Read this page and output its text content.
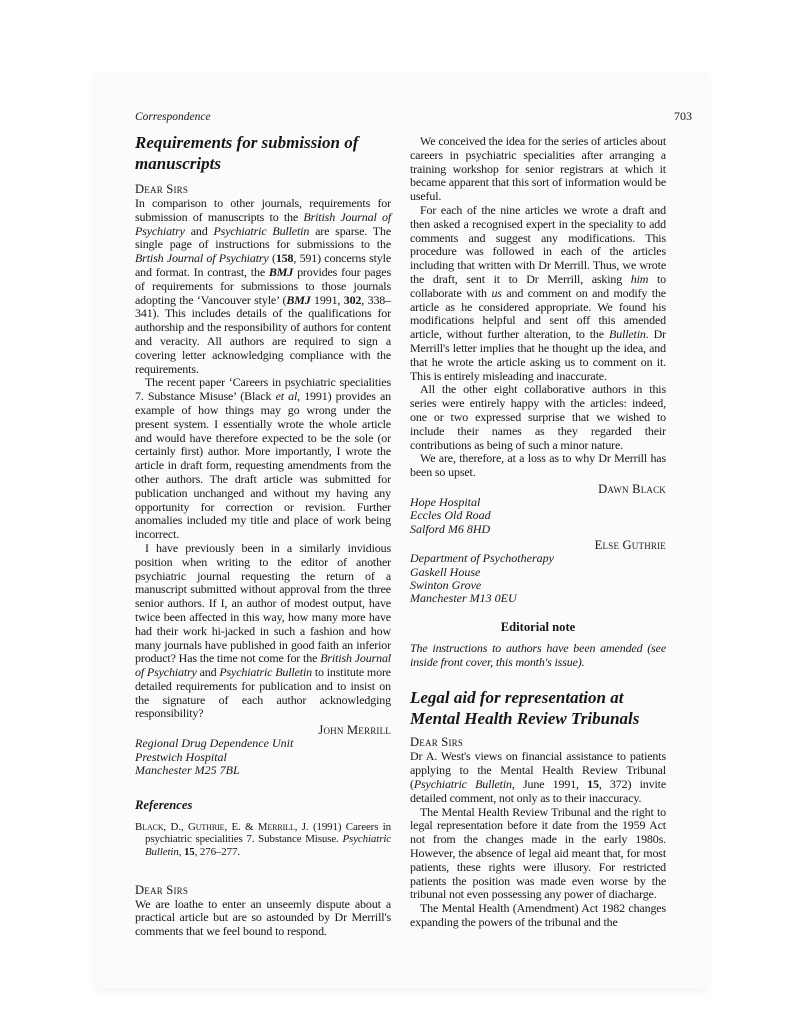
Correspondence	703
Requirements for submission of manuscripts
Dear Sirs

In comparison to other journals, requirements for submission of manuscripts to the British Journal of Psychiatry and Psychiatric Bulletin are sparse. The single page of instructions for submissions to the Brtish Journal of Psychiatry (158, 591) concerns style and format. In contrast, the BMJ provides four pages of requirements for submissions to those journals adopting the ‘Vancouver style’ (BMJ 1991, 302, 338–341). This includes details of the qualifications for authorship and the responsibility of authors for content and veracity. All authors are required to sign a covering letter acknowledging compliance with the requirements.

The recent paper ‘Careers in psychiatric specialities 7. Substance Misuse’ (Black et al, 1991) provides an example of how things may go wrong under the present system. I essentially wrote the whole article and would have therefore expected to be the sole (or certainly first) author. More importantly, I wrote the article in draft form, requesting amendments from the other authors. The draft article was submitted for publication unchanged and without my having any opportunity for correction or revision. Further anomalies included my title and place of work being incorrect.

I have previously been in a similarly invidious position when writing to the editor of another psychiatric journal requesting the return of a manuscript submitted without approval from the three senior authors. If I, an author of modest output, have twice been affected in this way, how many more have had their work hi-jacked in such a fashion and how many journals have published in good faith an inferior product? Has the time not come for the British Journal of Psychiatry and Psychiatric Bulletin to institute more detailed requirements for publication and to insist on the signature of each author acknowledging responsibility?

John Merrill
Regional Drug Dependence Unit
Prestwich Hospital
Manchester M25 7BL
References
Black, D., Guthrie, E. & Merrill, J. (1991) Careers in psychiatric specialities 7. Substance Misuse. Psychiatric Bulletin, 15, 276–277.
Dear Sirs

We are loathe to enter an unseemly dispute about a practical article but are so astounded by Dr Merrill's comments that we feel bound to respond.

We conceived the idea for the series of articles about careers in psychiatric specialities after arranging a training workshop for senior registrars at which it became apparent that this sort of information would be useful.

For each of the nine articles we wrote a draft and then asked a recognised expert in the speciality to add comments and suggest any modifications. This procedure was followed in each of the articles including that written with Dr Merrill. Thus, we wrote the draft, sent it to Dr Merrill, asking him to collaborate with us and comment on and modify the article as he considered appropriate. We found his modifications helpful and sent off this amended article, without further alteration, to the Bulletin. Dr Merrill's letter implies that he thought up the idea, and that he wrote the article asking us to comment on it. This is entirely misleading and inaccurate.

All the other eight collaborative authors in this series were entirely happy with the articles: indeed, one or two expressed surprise that we wished to include their names as they regarded their contributions as being of such a minor nature.

We are, therefore, at a loss as to why Dr Merrill has been so upset.

Dawn Black
Hope Hospital
Eccles Old Road
Salford M6 8HD
Else Guthrie
Department of Psychotherapy
Gaskell House
Swinton Grove
Manchester M13 0EU
Editorial note

The instructions to authors have been amended (see inside front cover, this month's issue).

Legal aid for representation at Mental Health Review Tribunals
Dear Sirs

Dr A. West's views on financial assistance to patients applying to the Mental Health Review Tribunal (Psychiatric Bulletin, June 1991, 15, 372) invite detailed comment, not only as to their inaccuracy.

The Mental Health Review Tribunal and the right to legal representation before it date from the 1959 Act not from the changes made in the early 1980s. However, the absence of legal aid meant that, for most patients, these rights were illusory. For restricted patients the position was made even worse by the tribunal not even possessing any power of diacharge.

The Mental Health (Amendment) Act 1982 changes expanding the powers of the tribunal and the
